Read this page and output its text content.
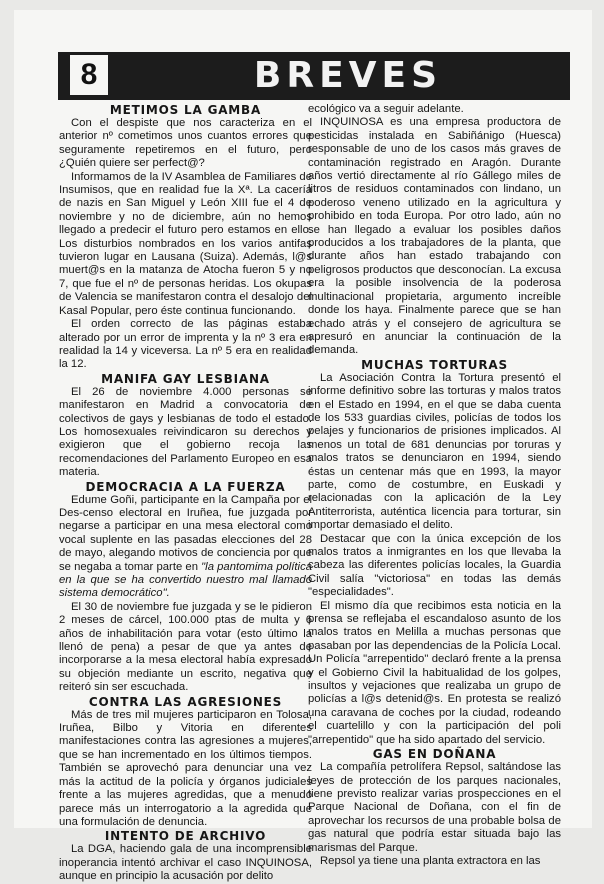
8	BREVES
METIMOS LA GAMBA

Con el despiste que nos caracteriza en el anterior nº cometimos unos cuantos errores que seguramente repetiremos en el futuro, pero ¿Quién quiere ser perfect@?

Informamos de la IV Asamblea de Familiares de Insumisos, que en realidad fue la Xª. La cacería de nazis en San Miguel y León XIII fue el 4 de noviembre y no de diciembre, aún no hemos llegado a predecir el futuro pero estamos en ello. Los disturbios nombrados en los varios antifas tuvieron lugar en Lausana (Suiza). Además, l@s muert@s en la matanza de Atocha fueron 5 y no 7, que fue el nº de personas heridas. Los okupas de Valencia se manifestaron contra el desalojo del Kasal Popular, pero éste continua funcionando.

El orden correcto de las páginas estaba alterado por un error de imprenta y la nº 3 era en realidad la 14 y viceversa. La nº 5 era en realidad la 12.

MANIFA GAY LESBIANA

El 26 de noviembre 4.000 personas se manifestaron en Madrid a convocatoria de colectivos de gays y lesbianas de todo el estado. Los homosexuales reivindicaron su derechos y exigieron que el gobierno recoja las recomendaciones del Parlamento Europeo en esa materia.

DEMOCRACIA A LA FUERZA

Edume Goñi, participante en la Campaña por el Des-censo electoral en Iruñea, fue juzgada por negarse a participar en una mesa electoral como vocal suplente en las pasadas elecciones del 28 de mayo, alegando motivos de conciencia por que se negaba a tomar parte en "la pantomima política en la que se ha convertido nuestro mal llamado sistema democrático".

El 30 de noviembre fue juzgada y se le pidieron 2 meses de cárcel, 100.000 ptas de multa y 6 años de inhabilitación para votar (esto último la llenó de pena) a pesar de que ya antes de incorporarse a la mesa electoral había expresado su objeción mediante un escrito, negativa que reiteró sin ser escuchada.

CONTRA LAS AGRESIONES

Más de tres mil mujeres participaron en Tolosa, Iruñea, Bilbo y Vitoria en diferentes manifestaciones contra las agresiones a mujeres, que se han incrementado en los últimos tiempos. También se aprovechó para denunciar una vez más la actitud de la policía y órganos judiciales frente a las mujeres agredidas, que a menudo parece más un interrogatorio a la agredida que una formulación de denuncia.

INTENTO DE ARCHIVO

La DGA, haciendo gala de una incomprensible inoperancia intentó archivar el caso INQUINOSA, aunque en principio la acusación por delito

ecológico va a seguir adelante.

INQUINOSA es una empresa productora de pesticidas instalada en Sabiñánigo (Huesca) responsable de uno de los casos más graves de contaminación registrado en Aragón. Durante años vertió directamente al río Gállego miles de litros de residuos contaminados con lindano, un poderoso veneno utilizado en la agricultura y prohibido en toda Europa. Por otro lado, aún no se han llegado a evaluar los posibles daños producidos a los trabajadores de la planta, que durante años han estado trabajando con peligrosos productos que desconocían. La excusa era la posible insolvencia de la poderosa multinacional propietaria, argumento increíble donde los haya. Finalmente parece que se han echado atrás y el consejero de agricultura se apresuró en anunciar la continuación de la demanda.

MUCHAS TORTURAS

La Asociación Contra la Tortura presentó el informe definitivo sobre las torturas y malos tratos en el Estado en 1994, en el que se daba cuenta de los 533 guardias civiles, policías de todos los pelajes y funcionarios de prisiones implicados. Al menos un total de 681 denuncias por toruras y malos tratos se denunciaron en 1994, siendo éstas un centenar más que en 1993, la mayor parte, como de costumbre, en Euskadi y relacionadas con la aplicación de la Ley Antiterrorista, auténtica licencia para torturar, sin importar demasiado el delito.

Destacar que con la única excepción de los malos tratos a inmigrantes en los que llevaba la cabeza las diferentes policías locales, la Guardia Civil salía "victoriosa" en todas las demás "especialidades".

El mismo día que recibimos esta noticia en la prensa se reflejaba el escandaloso asunto de los malos tratos en Melilla a muchas personas que pasaban por las dependencias de la Policía Local. Un Policía "arrepentido" declaró frente a la prensa y el Gobierno Civil la habitualidad de los golpes, insultos y vejaciones que realizaba un grupo de policías a l@s detenid@s. En protesta se realizó una caravana de coches por la ciudad, rodeando el cuartelillo y con la participación del poli "arrepentido" que ha sido apartado del servicio.

GAS EN DOÑANA

La compañía petrolífera Repsol, saltándose las leyes de protección de los parques nacionales, tiene previsto realizar varias prospecciones en el Parque Nacional de Doñana, con el fin de aprovechar los recursos de una probable bolsa de gas natural que podría estar situada bajo las marismas del Parque.

Repsol ya tiene una planta extractora en las
